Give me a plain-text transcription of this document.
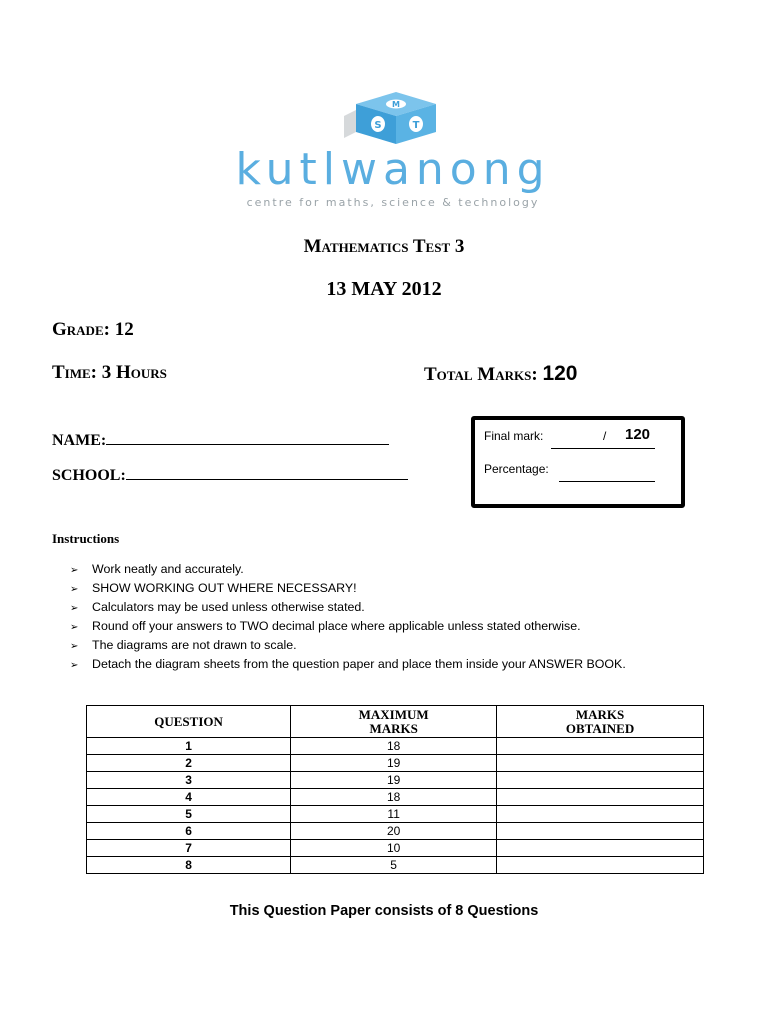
M
S	T
kutlwanong
centre for maths, science & technology
Mathematics Test 3
13 MAY 2012
Grade: 12
Time: 3 Hours	Total Marks: 120
NAME:
SCHOOL:
Final mark:	/ 120
Percentage:
Instructions
➢ Work neatly and accurately.
➢ SHOW WORKING OUT WHERE NECESSARY!
➢ Calculators may be used unless otherwise stated.
➢ Round off your answers to TWO decimal place where applicable unless stated otherwise.
➢ The diagrams are not drawn to scale.
➢ Detach the diagram sheets from the question paper and place them inside your ANSWER BOOK.
QUESTION	MAXIMUM MARKS	MARKS OBTAINED
1	18	
2	19	
3	19	
4	18	
5	11	
6	20	
7	10	
8	5	
This Question Paper consists of 8 Questions
